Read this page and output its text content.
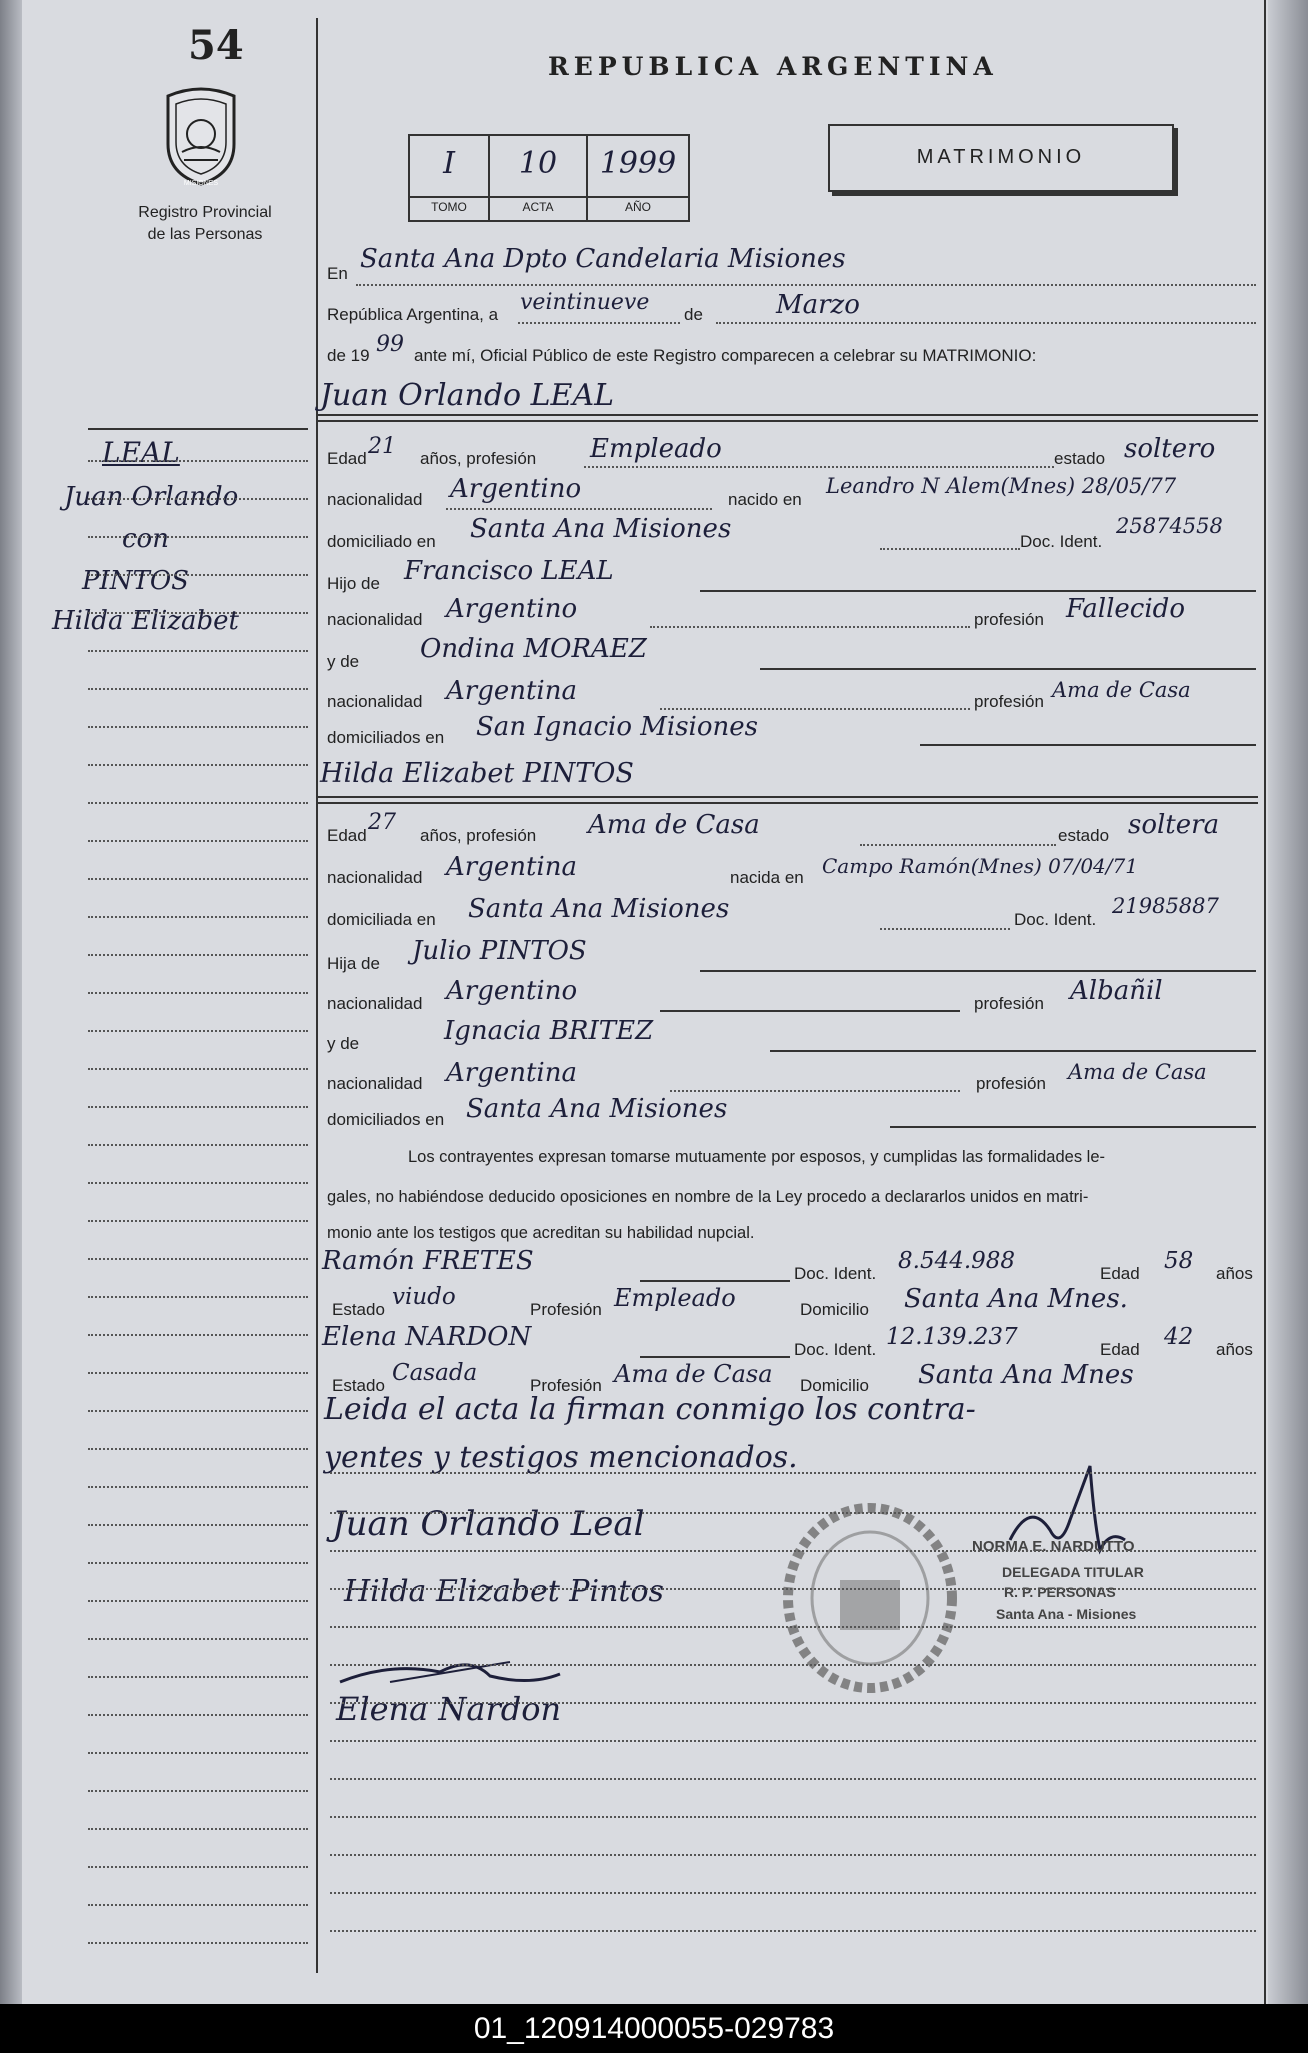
54
MISIONES
Registro Provincial
de las Personas
REPUBLICA ARGENTINA
I	10	1999
TOMO	ACTA	AÑO
MATRIMONIO
En Santa Ana Dpto Candelaria Misiones
República Argentina, a veintinueve de	Marzo
de 19 99 ante mí, Oficial Público de este Registro comparecen a celebrar su MATRIMONIO:
Juan Orlando LEAL
Edad 21 años, profesión Empleado	estado soltero
nacionalidad Argentino	nacido en
Leandro N Alem(Mnes) 28/05/77
domiciliado en Santa Ana Misiones	Doc. Ident.
25874558
Hijo de Francisco LEAL
nacionalidad Argentino	profesión Fallecido
y de Ondina MORAEZ
nacionalidad Argentina	profesión Ama de Casa
domiciliados en San Ignacio Misiones
Hilda Elizabet PINTOS
Edad
27
años, profesión Ama de Casa	estado soltera
nacionalidad Argentina	nacida en Campo Ramón(Mnes) 07/04/71
domiciliada en Santa Ana Misiones	Doc. Ident.
21985887
Hija de Julio PINTOS
nacionalidad Argentino	profesión Albañil
y de	Ignacia BRITEZ
nacionalidad Argentina	profesión Ama de Casa
domiciliados en Santa Ana Misiones
Los contrayentes expresan tomarse mutuamente por esposos, y cumplidas las formalidades le-
gales, no habiéndose deducido oposiciones en nombre de la Ley procedo a declararlos unidos en matri-
monio ante los testigos que acreditan su habilidad nupcial.
Ramón FRETES	Doc. Ident. 8.544.988	Edad 58 años
Estado viudo	Profesión Empleado	Domicilio Santa Ana Mnes.
Elena NARDON	Doc. Ident. 12.139.237	Edad 42 años
Estado Casada	Profesión Ama de Casa Domicilio Santa Ana Mnes
Leida el acta la firman conmigo los contra-
yentes y testigos mencionados.
Juan Orlando Leal
Hilda Elizabet Pintos
Elena Nardon
NORMA E. NARDUTTO
DELEGADA TITULAR
R. P. PERSONAS
Santa Ana - Misiones
LEAL
Juan Orlando
con
PINTOS
Hilda Elizabet
01_120914000055-029783
